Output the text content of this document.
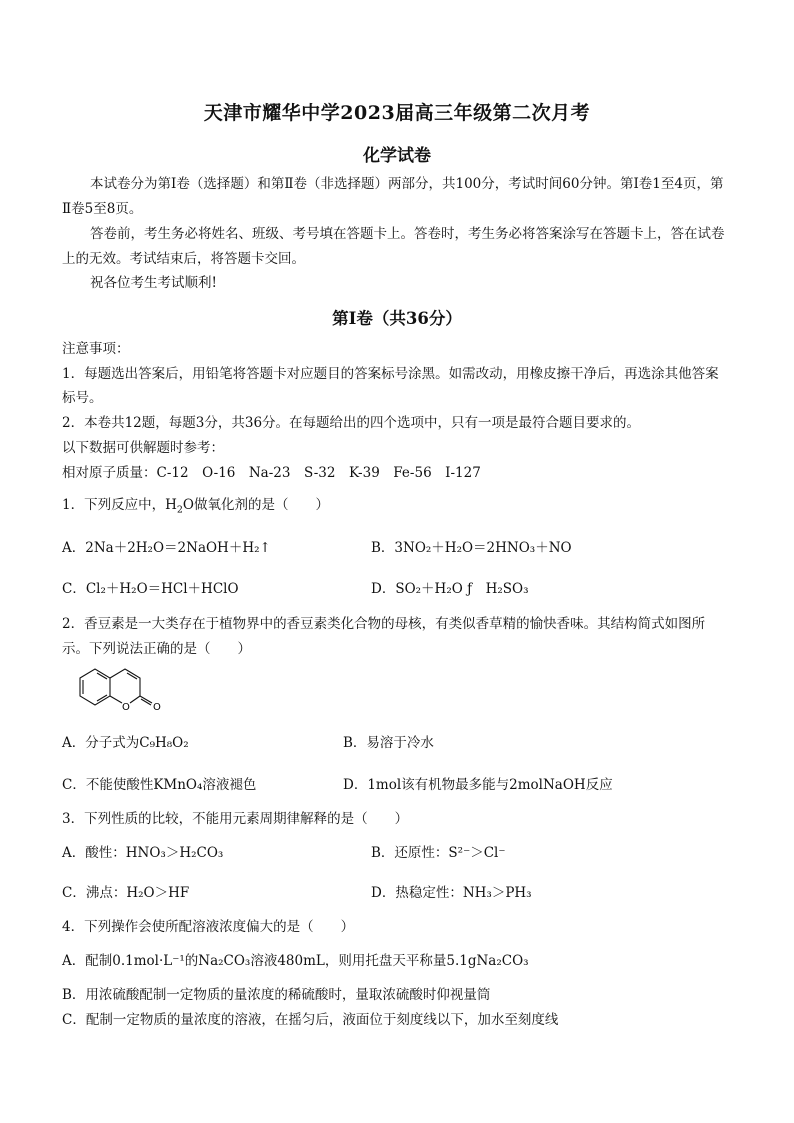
天津市耀华中学2023届高三年级第二次月考
化学试卷
本试卷分为第Ⅰ卷（选择题）和第Ⅱ卷（非选择题）两部分，共100分，考试时间60分钟。第Ⅰ卷1至4页，第Ⅱ卷5至8页。
答卷前，考生务必将姓名、班级、考号填在答题卡上。答卷时，考生务必将答案涂写在答题卡上，答在试卷上的无效。考试结束后，将答题卡交回。
祝各位考生考试顺利!
第Ⅰ卷（共36分）
注意事项：
1．每题选出答案后，用铅笔将答题卡对应题目的答案标号涂黑。如需改动，用橡皮擦干净后，再选涂其他答案标号。
2．本卷共12题，每题3分，共36分。在每题给出的四个选项中，只有一项是最符合题目要求的。
以下数据可供解题时参考：
相对原子质量：C-12　O-16　Na-23　S-32　K-39　Fe-56　I-127
1．下列反应中，$H_2O$做氧化剂的是（　　）
A．2Na＋2H₂O＝2NaOH＋H₂↑	B．3NO₂＋H₂O＝2HNO₃＋NO
C．Cl₂＋H₂O＝HCl＋HClO	D．SO₂＋H₂O ƒ　H₂SO₃
2．香豆素是一大类存在于植物界中的香豆素类化合物的母核，有类似香草精的愉快香味。其结构简式如图所示。下列说法正确的是（　　）
O O
A．分子式为C₉H₈O₂	B．易溶于冷水
C．不能使酸性KMnO₄溶液褪色	D．1mol该有机物最多能与2molNaOH反应
3．下列性质的比较，不能用元素周期律解释的是（　　）
A．酸性：HNO₃＞H₂CO₃	B．还原性：S²⁻＞Cl⁻
C．沸点：H₂O＞HF	D．热稳定性：NH₃＞PH₃
4．下列操作会使所配溶液浓度偏大的是（　　）
A．配制0.1mol·L⁻¹的Na₂CO₃溶液480mL，则用托盘天平称量5.1gNa₂CO₃
B．用浓硫酸配制一定物质的量浓度的稀硫酸时，量取浓硫酸时仰视量筒
C．配制一定物质的量浓度的溶液，在摇匀后，液面位于刻度线以下，加水至刻度线
